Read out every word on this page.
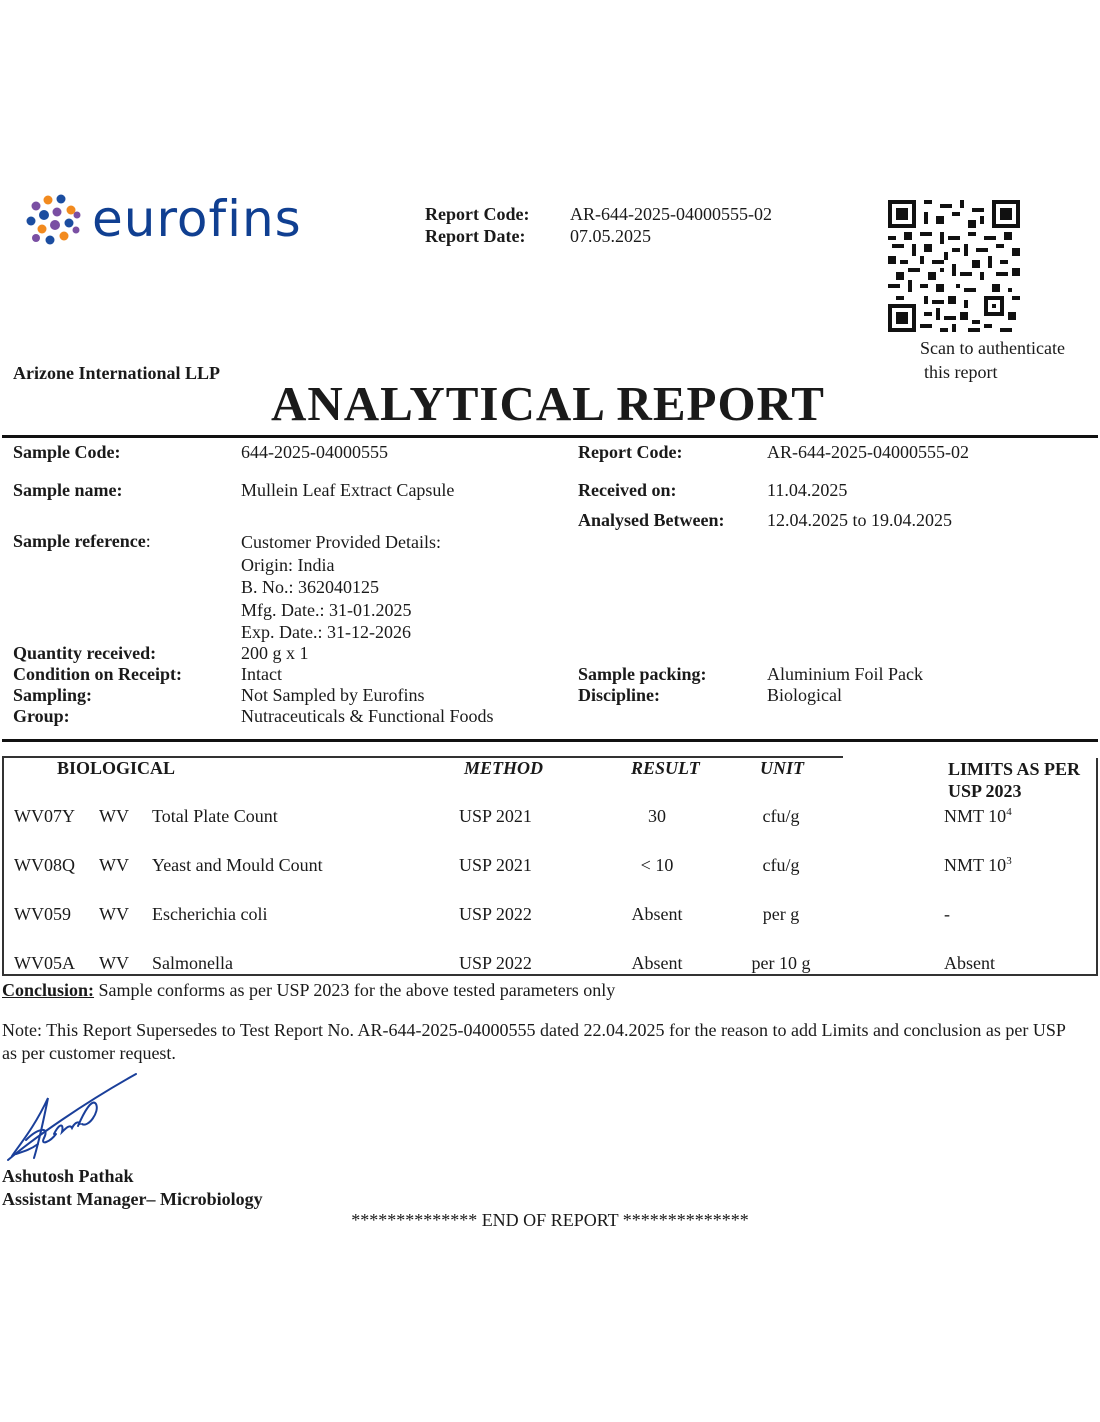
eurofins	Report Code: AR-644-2025-04000555-02
Report Date: 07.05.2025
Scan to authenticate
this report
Arizone International LLP
ANALYTICAL REPORT
Sample Code:	644-2025-04000555
Sample name:	Mullein Leaf Extract Capsule
Sample reference:	Customer Provided Details:
Origin: India
B. No.: 362040125
Mfg. Date.: 31-01.2025
Exp. Date.: 31-12-2026
Quantity received:	200 g x 1
Condition on Receipt:	Intact
Sampling:	Not Sampled by Eurofins
Group:	Nutraceuticals & Functional Foods
Report Code:	AR-644-2025-04000555-02
Received on:	11.04.2025
Analysed Between: 12.04.2025 to 19.04.2025
Sample packing:	Aluminium Foil Pack
Discipline:	Biological
BIOLOGICAL	METHOD	RESULT	UNIT	LIMITS AS PER
USP 2023
WV07Y WV Total Plate Count	USP 2021	30	cfu/g	NMT $10^4$
WV08Q WV Yeast and Mould Count	USP 2021	< 10	cfu/g	NMT $10^3$
WV059 WV Escherichia coli	USP 2022	Absent	per g	-
WV05A WV Salmonella	USP 2022	Absent	per 10 g	Absent
Conclusion: Sample conforms as per USP 2023 for the above tested parameters only
Note: This Report Supersedes to Test Report No. AR-644-2025-04000555 dated 22.04.2025 for the reason to add Limits and conclusion as per USP as per customer request.
Ashutosh Pathak
Assistant Manager– Microbiology
************** END OF REPORT **************
